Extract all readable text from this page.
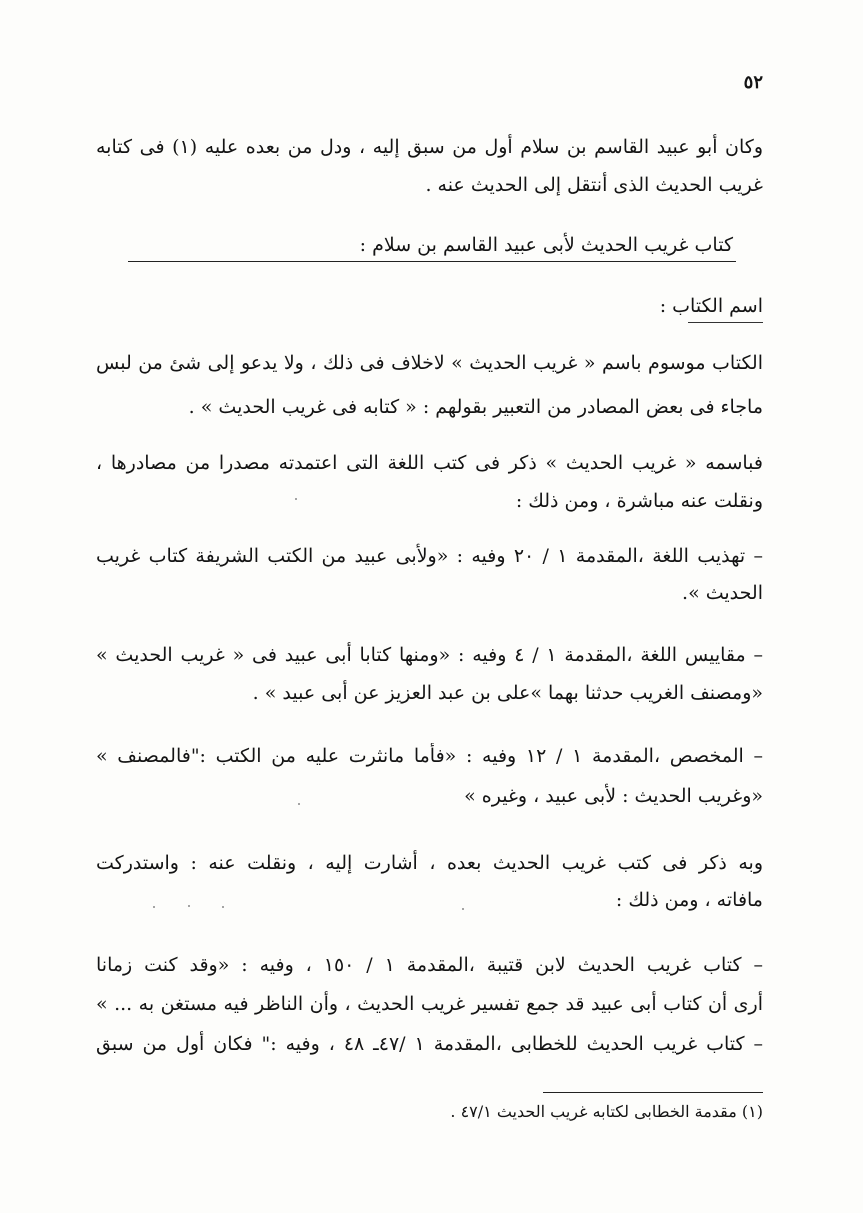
٥٢
وكان أبو عبيد القاسم بن سلام أول من سبق إليه ، ودل من بعده عليه (١) فى كتابه
غريب الحديث الذى أنتقل إلى الحديث عنه .
كتاب غريب الحديث لأبى عبيد القاسم بن سلام :
اسم الكتاب :
الكتاب موسوم باسم « غريب الحديث » لاخلاف فى ذلك ، ولا يدعو إلى شئ من لبس
ماجاء فى بعض المصادر من التعبير بقولهم : « كتابه فى غريب الحديث » .
فباسمه « غريب الحديث » ذكر فى كتب اللغة التى اعتمدته مصدرا من مصادرها ،
ونقلت عنه مباشرة ، ومن ذلك :
– تهذيب اللغة ،المقدمة ١ / ٢٠ وفيه : «ولأبى عبيد من الكتب الشريفة كتاب غريب
الحديث ».
– مقاييس اللغة ،المقدمة ١ / ٤ وفيه : «ومنها كتابا أبى عبيد فى « غريب الحديث »
«ومصنف الغريب حدثنا بهما »على بن عبد العزيز عن أبى عبيد » .
– المخصص ،المقدمة ١ / ١٢ وفيه : «فأما مانثرت عليه من الكتب :"فالمصنف »
«وغريب الحديث : لأبى عبيد ، وغيره »
وبه ذكر فى كتب غريب الحديث بعده ، أشارت إليه ، ونقلت عنه : واستدركت
مافاته ، ومن ذلك :
– كتاب غريب الحديث لابن قتيبة ،المقدمة ١ / ١٥٠ ، وفيه : «وقد كنت زمانا
أرى أن كتاب أبى عبيد قد جمع تفسير غريب الحديث ، وأن الناظر فيه مستغن به ... »
– كتاب غريب الحديث للخطابى ،المقدمة ١ /٤٧ـ ٤٨ ، وفيه :" فكان أول من سبق
(١) مقدمة الخطابى لكتابه غريب الحديث ٤٧/١ .
